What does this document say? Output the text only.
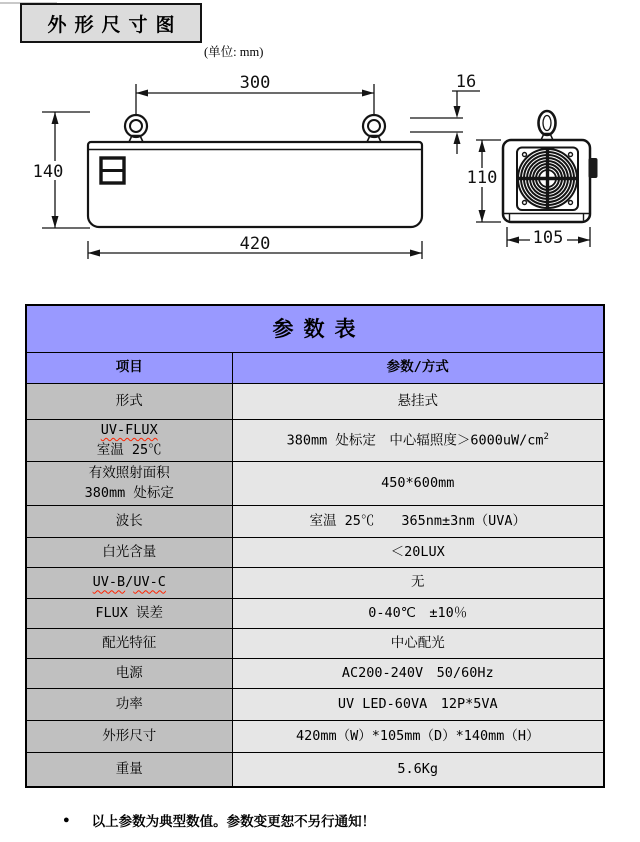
外形尺寸图
(单位: mm)
300
140
420
16
110
105
参数表	
项目	参数/方式

形式	悬挂式

UV-FLUX
室温 25℃	380mm 处标定　中心辐照度$>6000uW/cm^2$

有效照射面积
380mm 处标定	450*600mm

波长	室温 25℃　　365nm±3nm（UVA）

白光含量	＜20LUX

UV-B/UV-C	无

FLUX 误差	0-40℃　±10％

配光特征	中心配光

电源	AC200-240V　50/60Hz

功率	UV LED-60VA　12P*5VA

外形尺寸	420mm（W）*105mm（D）*140mm（H）

重量	5.6Kg
● 以上参数为典型数值。参数变更恕不另行通知！
